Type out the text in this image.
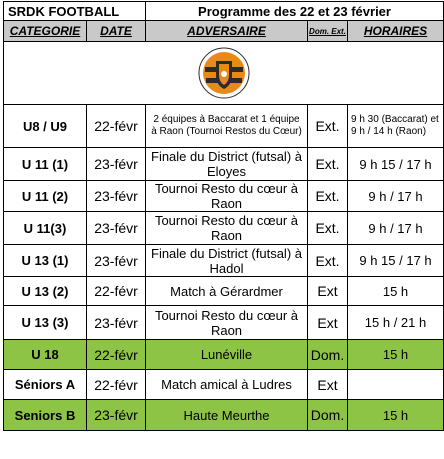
SRDK FOOTBALL		Programme des 22 et 23 février		
CATEGORIE	DATE	ADVERSAIRE	Dom. Ext.	HORAIRES

U8 / U9	22-févr	2 équipes à Baccarat et 1 équipe à Raon (Tournoi Restos du Cœur)	Ext.	9 h 30 (Baccarat) et 9 h / 14 h (Raon)
U 11 (1)	23-févr	Finale du District (futsal) à Eloyes	Ext.	9 h 15 / 17 h
U 11 (2)	23-févr	Tournoi Resto du cœur à Raon	Ext.	9 h / 17 h
U 11(3)	23-févr	Tournoi Resto du cœur à Raon	Ext.	9 h / 17 h
U 13 (1)	23-févr	Finale du District (futsal) à Hadol	Ext.	9 h 15 / 17 h
U 13 (2)	22-févr	Match à Gérardmer	Ext	15 h
U 13 (3)	23-févr	Tournoi Resto du cœur à Raon	Ext	15 h / 21 h
U 18	22-févr	Lunéville	Dom.	15 h
Séniors A	22-févr	Match amical à Ludres	Ext	
Seniors B	23-févr	Haute Meurthe	Dom.	15 h
